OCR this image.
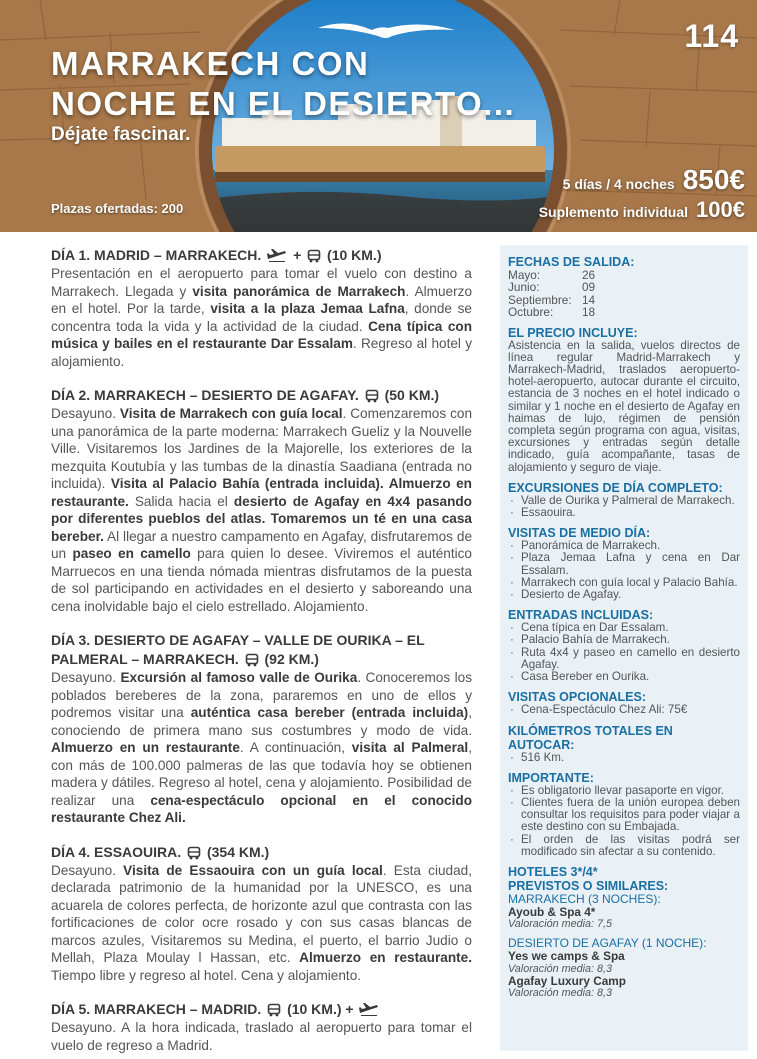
114
MARRAKECH CON
NOCHE EN EL DESIERTO...
Déjate fascinar.
Plazas ofertadas: 200
5 días / 4 noches 850€
Suplemento individual 100€
DÍA 1. MADRID – MARRAKECH. + (10 KM.)
Presentación en el aeropuerto para tomar el vuelo con destino a Marrakech. Llegada y visita panorámica de Marrakech. Almuerzo en el hotel. Por la tarde, visita a la plaza Jemaa Lafna, donde se concentra toda la vida y la actividad de la ciudad. Cena típica con música y bailes en el restaurante Dar Essalam. Regreso al hotel y alojamiento.
DÍA 2. MARRAKECH – DESIERTO DE AGAFAY. (50 KM.)
Desayuno. Visita de Marrakech con guía local. Comenzaremos con una panorámica de la parte moderna: Marrakech Gueliz y la Nouvelle Ville. Visitaremos los Jardines de la Majorelle, los exteriores de la mezquita Koutubía y las tumbas de la dinastía Saadiana (entrada no incluida). Visita al Palacio Bahía (entrada incluida). Almuerzo en restaurante. Salida hacia el desierto de Agafay en 4x4 pasando por diferentes pueblos del atlas. Tomaremos un té en una casa bereber. Al llegar a nuestro campamento en Agafay, disfrutaremos de un paseo en camello para quien lo desee. Viviremos el auténtico Marruecos en una tienda nómada mientras disfrutamos de la puesta de sol participando en actividades en el desierto y saboreando una cena inolvidable bajo el cielo estrellado. Alojamiento.
DÍA 3. DESIERTO DE AGAFAY – VALLE DE OURIKA – EL PALMERAL – MARRAKECH. (92 KM.)
Desayuno. Excursión al famoso valle de Ourika. Conoceremos los poblados bereberes de la zona, pararemos en uno de ellos y podremos visitar una auténtica casa bereber (entrada incluida), conociendo de primera mano sus costumbres y modo de vida. Almuerzo en un restaurante. A continuación, visita al Palmeral, con más de 100.000 palmeras de las que todavía hoy se obtienen madera y dátiles. Regreso al hotel, cena y alojamiento. Posibilidad de realizar una cena-espectáculo opcional en el conocido restaurante Chez Ali.
DÍA 4. ESSAOUIRA. (354 KM.)
Desayuno. Visita de Essaouira con un guía local. Esta ciudad, declarada patrimonio de la humanidad por la UNESCO, es una acuarela de colores perfecta, de horizonte azul que contrasta con las fortificaciones de color ocre rosado y con sus casas blancas de marcos azules, Visitaremos su Medina, el puerto, el barrio Judio o Mellah, Plaza Moulay l Hassan, etc. Almuerzo en restaurante. Tiempo libre y regreso al hotel. Cena y alojamiento.
DÍA 5. MARRAKECH – MADRID. (10 KM.) +
Desayuno. A la hora indicada, traslado al aeropuerto para tomar el vuelo de regreso a Madrid.
FECHAS DE SALIDA:
Mayo:	26
Junio:	09
Septiembre: 14
Octubre:	18
EL PRECIO INCLUYE:
Asistencia en la salida, vuelos directos de línea regular Madrid-Marrakech y Marrakech-Madrid, traslados aeropuerto-hotel-aeropuerto, autocar durante el circuito, estancia de 3 noches en el hotel indicado o similar y 1 noche en el desierto de Agafay en haimas de lujo, régimen de pensión completa según programa con agua, visitas, excursiones y entradas según detalle indicado, guía acompañante, tasas de alojamiento y seguro de viaje.
EXCURSIONES DE DÍA COMPLETO:
· Valle de Ourika y Palmeral de Marrakech.
· Essaouira.
VISITAS DE MEDIO DÍA:
· Panorámica de Marrakech.
· Plaza Jemaa Lafna y cena en Dar Essalam.
· Marrakech con guía local y Palacio Bahía.
· Desierto de Agafay.
ENTRADAS INCLUIDAS:
· Cena típica en Dar Essalam.
· Palacio Bahía de Marrakech.
· Ruta 4x4 y paseo en camello en desierto Agafay.
· Casa Bereber en Ourika.
VISITAS OPCIONALES:
· Cena-Espectáculo Chez Ali: 75€
KILÓMETROS TOTALES EN AUTOCAR:
· 516 Km.
IMPORTANTE:
· Es obligatorio llevar pasaporte en vigor.
· Clientes fuera de la unión europea deben consultar los requisitos para poder viajar a este destino con su Embajada.
· El orden de las visitas podrá ser modificado sin afectar a su contenido.
HOTELES 3*/4*
PREVISTOS O SIMILARES:
MARRAKECH (3 NOCHES):
Ayoub & Spa 4*
Valoración media: 7,5
DESIERTO DE AGAFAY (1 NOCHE):
Yes we camps & Spa
Valoración media: 8,3
Agafay Luxury Camp
Valoración media: 8,3
